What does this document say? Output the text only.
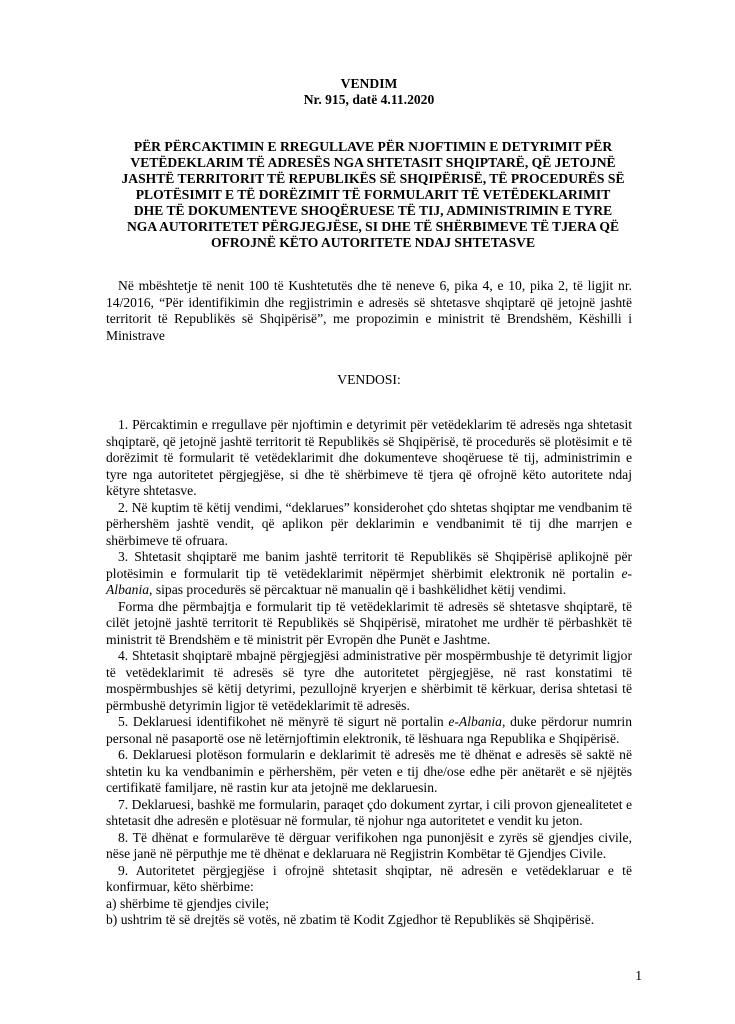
VENDIM

Nr. 915, datë 4.11.2020

PËR PËRCAKTIMIN E RREGULLAVE PËR NJOFTIMIN E DETYRIMIT PËR
VETËDEKLARIM TË ADRESËS NGA SHTETASIT SHQIPTARË, QË JETOJNË
JASHTË TERRITORIT TË REPUBLIKËS SË SHQIPËRISË, TË PROCEDURËS SË
PLOTËSIMIT E TË DORËZIMIT TË FORMULARIT TË VETËDEKLARIMIT
DHE TË DOKUMENTEVE SHOQËRUESE TË TIJ, ADMINISTRIMIN E TYRE
NGA AUTORITETET PËRGJEGJËSE, SI DHE TË SHËRBIMEVE TË TJERA QË
OFROJNË KËTO AUTORITETE NDAJ SHTETASVE

Në mbështetje të nenit 100 të Kushtetutës dhe të neneve 6, pika 4, e 10, pika 2, të ligjit nr. 14/2016, “Për identifikimin dhe regjistrimin e adresës së shtetasve shqiptarë që jetojnë jashtë territorit të Republikës së Shqipërisë”, me propozimin e ministrit të Brendshëm, Këshilli i Ministrave

VENDOSI:

1. Përcaktimin e rregullave për njoftimin e detyrimit për vetëdeklarim të adresës nga shtetasit shqiptarë, që jetojnë jashtë territorit të Republikës së Shqipërisë, të procedurës së plotësimit e të dorëzimit të formularit të vetëdeklarimit dhe dokumenteve shoqëruese të tij, administrimin e tyre nga autoritetet përgjegjëse, si dhe të shërbimeve të tjera që ofrojnë këto autoritete ndaj këtyre shtetasve.

2. Në kuptim të këtij vendimi, “deklarues” konsiderohet çdo shtetas shqiptar me vendbanim të përhershëm jashtë vendit, që aplikon për deklarimin e vendbanimit të tij dhe marrjen e shërbimeve të ofruara.

3. Shtetasit shqiptarë me banim jashtë territorit të Republikës së Shqipërisë aplikojnë për plotësimin e formularit tip të vetëdeklarimit nëpërmjet shërbimit elektronik në portalin e-Albania, sipas procedurës së përcaktuar në manualin që i bashkëlidhet këtij vendimi.

Forma dhe përmbajtja e formularit tip të vetëdeklarimit të adresës së shtetasve shqiptarë, të cilët jetojnë jashtë territorit të Republikës së Shqipërisë, miratohet me urdhër të përbashkët të ministrit të Brendshëm e të ministrit për Evropën dhe Punët e Jashtme.

4. Shtetasit shqiptarë mbajnë përgjegjësi administrative për mospërmbushje të detyrimit ligjor të vetëdeklarimit të adresës së tyre dhe autoritetet përgjegjëse, në rast konstatimi të mospërmbushjes së këtij detyrimi, pezullojnë kryerjen e shërbimit të kërkuar, derisa shtetasi të përmbushë detyrimin ligjor të vetëdeklarimit të adresës.

5. Deklaruesi identifikohet në mënyrë të sigurt në portalin e-Albania, duke përdorur numrin personal në pasaportë ose në letërnjoftimin elektronik, të lëshuara nga Republika e Shqipërisë.

6. Deklaruesi plotëson formularin e deklarimit të adresës me të dhënat e adresës së saktë në shtetin ku ka vendbanimin e përhershëm, për veten e tij dhe/ose edhe për anëtarët e së njëjtës certifikatë familjare, në rastin kur ata jetojnë me deklaruesin.

7. Deklaruesi, bashkë me formularin, paraqet çdo dokument zyrtar, i cili provon gjenealitetet e shtetasit dhe adresën e plotësuar në formular, të njohur nga autoritetet e vendit ku jeton.

8. Të dhënat e formularëve të dërguar verifikohen nga punonjësit e zyrës së gjendjes civile, nëse janë në përputhje me të dhënat e deklaruara në Regjistrin Kombëtar të Gjendjes Civile.

9. Autoritetet përgjegjëse i ofrojnë shtetasit shqiptar, në adresën e vetëdeklaruar e të konfirmuar, këto shërbime:

a) shërbime të gjendjes civile;

b) ushtrim të së drejtës së votës, në zbatim të Kodit Zgjedhor të Republikës së Shqipërisë.

1
